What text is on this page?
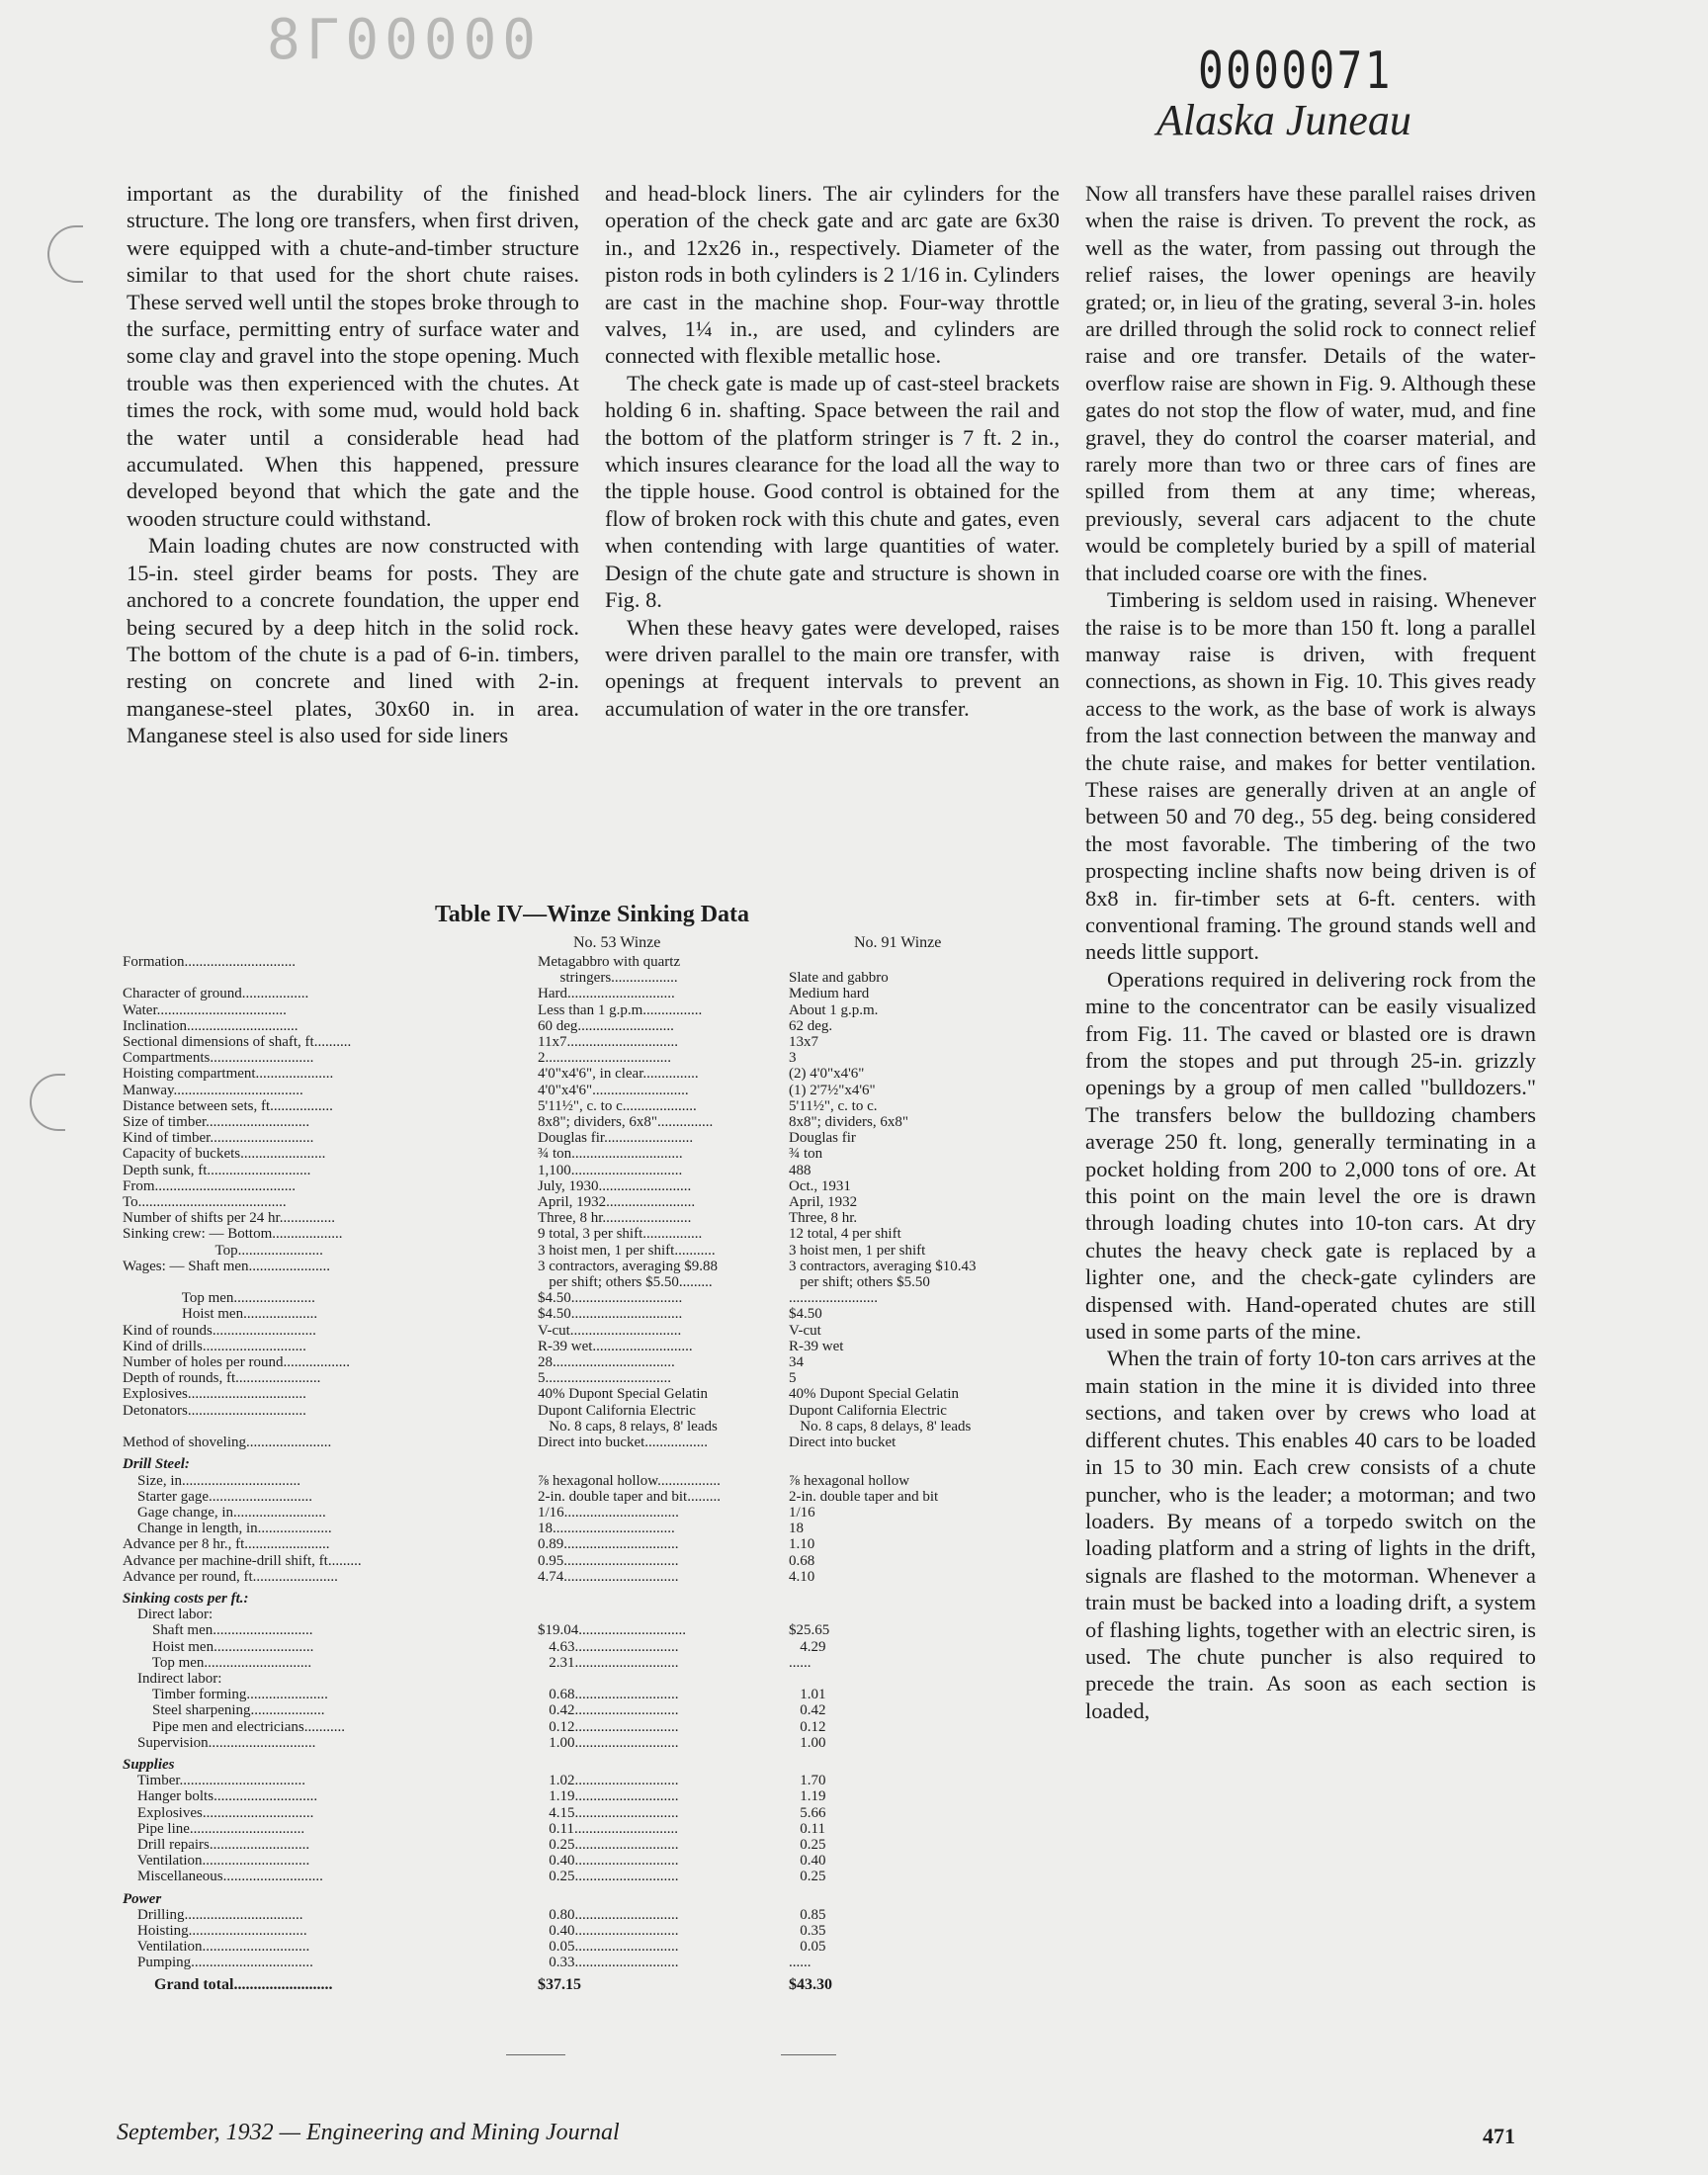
8Γ00000	0000071
Alaska Juneau

important as the durability of the finished structure. The long ore transfers, when first driven, were equipped with a chute-and-timber structure similar to that used for the short chute raises. These served well until the stopes broke through to the surface, permitting entry of surface water and some clay and gravel into the stope opening. Much trouble was then experienced with the chutes. At times the rock, with some mud, would hold back the water until a considerable head had accumulated. When this happened, pressure developed beyond that which the gate and the wooden structure could withstand.

Main loading chutes are now constructed with 15-in. steel girder beams for posts. They are anchored to a concrete foundation, the upper end being secured by a deep hitch in the solid rock. The bottom of the chute is a pad of 6-in. timbers, resting on concrete and lined with 2-in. manganese-steel plates, 30x60 in. in area. Manganese steel is also used for side liners

and head-block liners. The air cylinders for the operation of the check gate and arc gate are 6x30 in., and 12x26 in., respectively. Diameter of the piston rods in both cylinders is 2 1/16 in. Cylinders are cast in the machine shop. Four-way throttle valves, 1¼ in., are used, and cylinders are connected with flexible metallic hose.

The check gate is made up of cast-steel brackets holding 6 in. shafting. Space between the rail and the bottom of the platform stringer is 7 ft. 2 in., which insures clearance for the load all the way to the tipple house. Good control is obtained for the flow of broken rock with this chute and gates, even when contending with large quantities of water. Design of the chute gate and structure is shown in Fig. 8.

When these heavy gates were developed, raises were driven parallel to the main ore transfer, with openings at frequent intervals to prevent an accumulation of water in the ore transfer.

Now all transfers have these parallel raises driven when the raise is driven. To prevent the rock, as well as the water, from passing out through the relief raises, the lower openings are heavily grated; or, in lieu of the grating, several 3-in. holes are drilled through the solid rock to connect relief raise and ore transfer. Details of the water-overflow raise are shown in Fig. 9. Although these gates do not stop the flow of water, mud, and fine gravel, they do control the coarser material, and rarely more than two or three cars of fines are spilled from them at any time; whereas, previously, several cars adjacent to the chute would be completely buried by a spill of material that included coarse ore with the fines.

Timbering is seldom used in raising. Whenever the raise is to be more than 150 ft. long a parallel manway raise is driven, with frequent connections, as shown in Fig. 10. This gives ready access to the work, as the base of work is always from the last connection between the manway and the chute raise, and makes for better ventilation. These raises are generally driven at an angle of between 50 and 70 deg., 55 deg. being considered the most favorable. The timbering of the two prospecting incline shafts now being driven is of 8x8 in. fir-timber sets at 6-ft. centers. with conventional framing. The ground stands well and needs little support.

Operations required in delivering rock from the mine to the concentrator can be easily visualized from Fig. 11. The caved or blasted ore is drawn from the stopes and put through 25-in. grizzly openings by a group of men called "bulldozers." The transfers below the bulldozing chambers average 250 ft. long, generally terminating in a pocket holding from 200 to 2,000 tons of ore. At this point on the main level the ore is drawn through loading chutes into 10-ton cars. At dry chutes the heavy check gate is replaced by a lighter one, and the check-gate cylinders are dispensed with. Hand-operated chutes are still used in some parts of the mine.

When the train of forty 10-ton cars arrives at the main station in the mine it is divided into three sections, and taken over by crews who load at different chutes. This enables 40 cars to be loaded in 15 to 30 min. Each crew consists of a chute puncher, who is the leader; a motorman; and two loaders. By means of a torpedo switch on the loading platform and a string of lights in the drift, signals are flashed to the motorman. Whenever a train must be backed into a loading drift, a system of flashing lights, together with an electric siren, is used. The chute puncher is also required to precede the train. As soon as each section is loaded,

Table IV—Winze Sinking Data
No. 53 Winze	No. 91 Winze
Formation..............................	Metagabbro with quartz
stringers..................	Slate and gabbro
Character of ground..................	Hard.............................	Medium hard
Water...................................	Less than 1 g.p.m................	About 1 g.p.m.
Inclination..............................	60 deg..........................	62 deg.
Sectional dimensions of shaft, ft..........	11x7..............................	13x7
Compartments............................	2..................................	3
Hoisting compartment.....................	4'0"x4'6", in clear...............	(2) 4'0"x4'6"
Manway...................................	4'0"x4'6"..........................	(1) 2'7½"x4'6"
Distance between sets, ft.................	5'11½", c. to c....................	5'11½", c. to c.
Size of timber............................	8x8"; dividers, 6x8"...............	8x8"; dividers, 6x8"
Kind of timber............................	Douglas fir........................	Douglas fir
Capacity of buckets.......................	¾ ton..............................	¾ ton
Depth sunk, ft............................	1,100..............................	488
From......................................	July, 1930.........................	Oct., 1931
To........................................	April, 1932........................	April, 1932
Number of shifts per 24 hr...............	Three, 8 hr........................	Three, 8 hr.
Sinking crew: — Bottom...................	9 total, 3 per shift................	12 total, 4 per shift
Top.......................	3 hoist men, 1 per shift...........	3 hoist men, 1 per shift
Wages: — Shaft men......................	3 contractors, averaging $9.88	3 contractors, averaging $10.43
per shift; others $5.50.........	per shift; others $5.50
Top men......................	$4.50..............................	........................
Hoist men....................	$4.50..............................	$4.50
Kind of rounds............................	V-cut..............................	V-cut
Kind of drills............................	R-39 wet...........................	R-39 wet
Number of holes per round..................	28.................................	34
Depth of rounds, ft.......................	5..................................	5
Explosives................................	40% Dupont Special Gelatin	40% Dupont Special Gelatin
Detonators................................	Dupont California Electric	Dupont California Electric
No. 8 caps, 8 relays, 8' leads	No. 8 caps, 8 delays, 8' leads
Method of shoveling.......................	Direct into bucket.................	Direct into bucket
Drill Steel:
Size, in................................	⅞ hexagonal hollow.................	⅞ hexagonal hollow
Starter gage............................	2-in. double taper and bit.........	2-in. double taper and bit
Gage change, in.........................	1/16...............................	1/16
Change in length, in....................	18.................................	18
Advance per 8 hr., ft.......................	0.89...............................	1.10
Advance per machine-drill shift, ft.........	0.95...............................	0.68
Advance per round, ft.......................	4.74...............................	4.10
Sinking costs per ft.:
Direct labor:
Shaft men...........................	$19.04.............................	$25.65
Hoist men...........................	4.63............................	4.29
Top men.............................	2.31............................	......
Indirect labor:
Timber forming......................	0.68............................	1.01
Steel sharpening....................	0.42............................	0.42
Pipe men and electricians...........	0.12............................	0.12
Supervision.............................	1.00............................	1.00
Supplies
Timber..................................	1.02............................	1.70
Hanger bolts............................	1.19............................	1.19
Explosives..............................	4.15............................	5.66
Pipe line...............................	0.11............................	0.11
Drill repairs...........................	0.25............................	0.25
Ventilation.............................	0.40............................	0.40
Miscellaneous...........................	0.25............................	0.25
Power
Drilling................................	0.80............................	0.85
Hoisting................................	0.40............................	0.35
Ventilation.............................	0.05............................	0.05
Pumping.................................	0.33............................	......
Grand total.........................	$37.15	$43.30
September, 1932 — Engineering and Mining Journal	471
